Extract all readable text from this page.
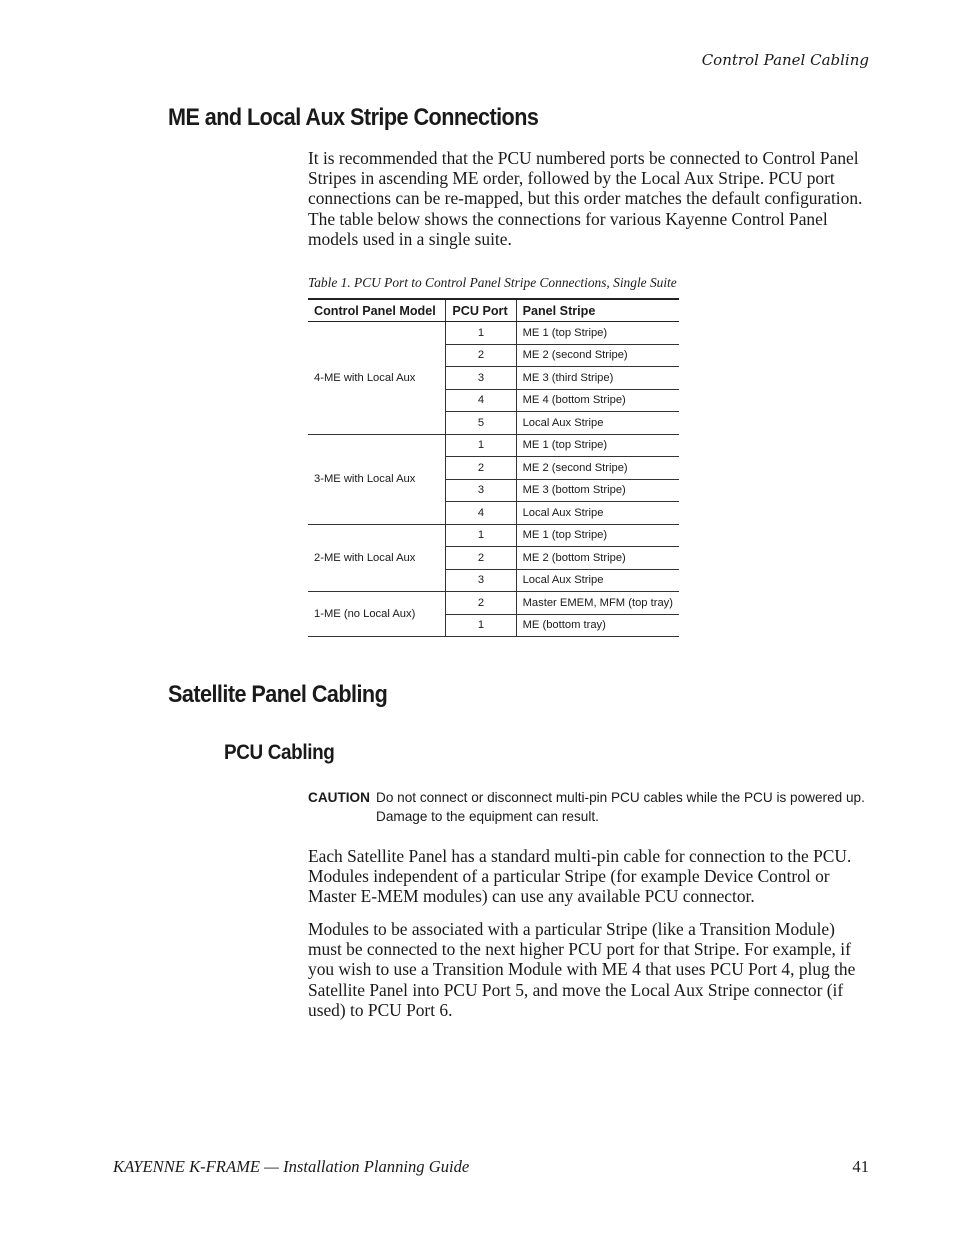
Control Panel Cabling
ME and Local Aux Stripe Connections

It is recommended that the PCU numbered ports be connected to Control Panel Stripes in ascending ME order, followed by the Local Aux Stripe. PCU port connections can be re-mapped, but this order matches the default configuration. The table below shows the connections for various Kayenne Control Panel models used in a single suite.

Table 1. PCU Port to Control Panel Stripe Connections, Single Suite
Control Panel Model	PCU Port	Panel Stripe
4-ME with Local Aux	1	ME 1 (top Stripe)
	2	ME 2 (second Stripe)
	3	ME 3 (third Stripe)
	4	ME 4 (bottom Stripe)
	5	Local Aux Stripe
3-ME with Local Aux	1	ME 1 (top Stripe)
	2	ME 2 (second Stripe)
	3	ME 3 (bottom Stripe)
	4	Local Aux Stripe
2-ME with Local Aux	1	ME 1 (top Stripe)
	2	ME 2 (bottom Stripe)
	3	Local Aux Stripe
1-ME (no Local Aux)	2	Master EMEM, MFM (top tray)
	1	ME (bottom tray)
Satellite Panel Cabling
PCU Cabling
CAUTION Do not connect or disconnect multi-pin PCU cables while the PCU is powered up. Damage to the equipment can result.

Each Satellite Panel has a standard multi-pin cable for connection to the PCU. Modules independent of a particular Stripe (for example Device Control or Master E-MEM modules) can use any available PCU connector.

Modules to be associated with a particular Stripe (like a Transition Module) must be connected to the next higher PCU port for that Stripe. For example, if you wish to use a Transition Module with ME 4 that uses PCU Port 4, plug the Satellite Panel into PCU Port 5, and move the Local Aux Stripe connector (if used) to PCU Port 6.

KAYENNE K-FRAME — Installation Planning Guide	41
